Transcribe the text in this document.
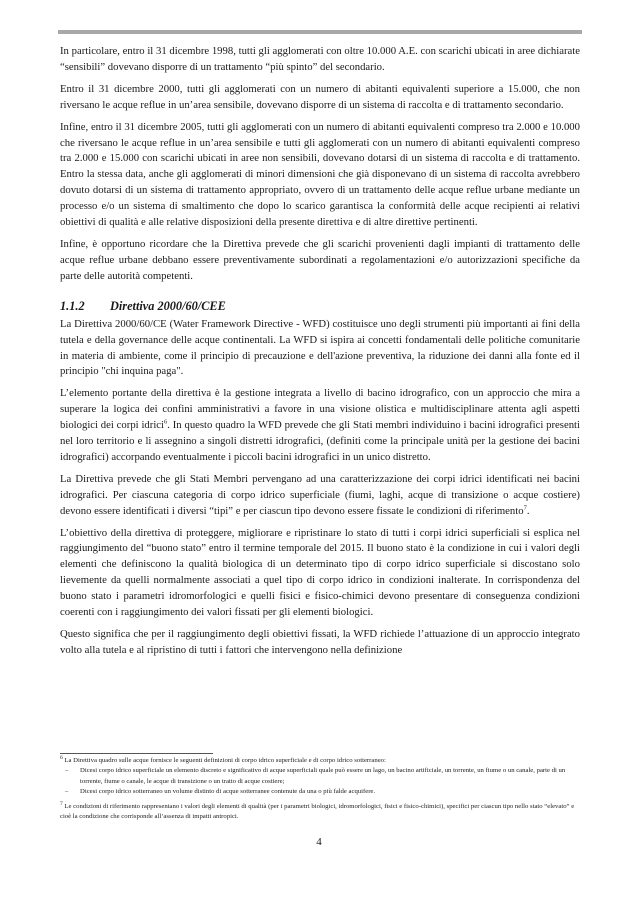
In particolare, entro il 31 dicembre 1998, tutti gli agglomerati con oltre 10.000 A.E. con scarichi ubicati in aree dichiarate “sensibili” dovevano disporre di un trattamento “più spinto” del secondario.

Entro il 31 dicembre 2000, tutti gli agglomerati con un numero di abitanti equivalenti superiore a 15.000, che non riversano le acque reflue in un’area sensibile, dovevano disporre di un sistema di raccolta e di trattamento secondario.

Infine, entro il 31 dicembre 2005, tutti gli agglomerati con un numero di abitanti equivalenti compreso tra 2.000 e 10.000 che riversano le acque reflue in un’area sensibile e tutti gli agglomerati con un numero di abitanti equivalenti compreso tra 2.000 e 15.000 con scarichi ubicati in aree non sensibili, dovevano dotarsi di un sistema di raccolta e di trattamento. Entro la stessa data, anche gli agglomerati di minori dimensioni che già disponevano di un sistema di raccolta avrebbero dovuto dotarsi di un sistema di trattamento appropriato, ovvero di un trattamento delle acque reflue urbane mediante un processo e/o un sistema di smaltimento che dopo lo scarico garantisca la conformità delle acque recipienti ai relativi obiettivi di qualità e alle relative disposizioni della presente direttiva e di altre direttive pertinenti.

Infine, è opportuno ricordare che la Direttiva prevede che gli scarichi provenienti dagli impianti di trattamento delle acque reflue urbane debbano essere preventivamente subordinati a regolamentazioni e/o autorizzazioni specifiche da parte delle autorità competenti.

1.1.2 Direttiva 2000/60/CEE

La Direttiva 2000/60/CE (Water Framework Directive - WFD) costituisce uno degli strumenti più importanti ai fini della tutela e della governance delle acque continentali. La WFD si ispira ai concetti fondamentali delle politiche comunitarie in materia di ambiente, come il principio di precauzione e dell'azione preventiva, la riduzione dei danni alla fonte ed il principio "chi inquina paga".

L’elemento portante della direttiva è la gestione integrata a livello di bacino idrografico, con un approccio che mira a superare la logica dei confini amministrativi a favore in una visione olistica e multidisciplinare attenta agli aspetti biologici dei corpi idrici$^6$. In questo quadro la WFD prevede che gli Stati membri individuino i bacini idrografici presenti nel loro territorio e li assegnino a singoli distretti idrografici, (definiti come la principale unità per la gestione dei bacini idrografici) accorpando eventualmente i piccoli bacini idrografici in un unico distretto.

La Direttiva prevede che gli Stati Membri pervengano ad una caratterizzazione dei corpi idrici identificati nei bacini idrografici. Per ciascuna categoria di corpo idrico superficiale (fiumi, laghi, acque di transizione o acque costiere) devono essere identificati i diversi “tipi” e per ciascun tipo devono essere fissate le condizioni di riferimento$^7$.

L’obiettivo della direttiva di proteggere, migliorare e ripristinare lo stato di tutti i corpi idrici superficiali si esplica nel raggiungimento del “buono stato” entro il termine temporale del 2015. Il buono stato è la condizione in cui i valori degli elementi che definiscono la qualità biologica di un determinato tipo di corpo idrico superficiale si discostano solo lievemente da quelli normalmente associati a quel tipo di corpo idrico in condizioni inalterate. In corrispondenza del buono stato i parametri idromorfologici e quelli fisici e fisico-chimici devono presentare di conseguenza condizioni coerenti con i raggiungimento dei valori fissati per gli elementi biologici.

Questo significa che per il raggiungimento degli obiettivi fissati, la WFD richiede l’attuazione di un approccio integrato volto alla tutela e al ripristino di tutti i fattori che intervengono nella definizione

$^6$ La Direttiva quadro sulle acque fornisce le seguenti definizioni di corpo idrico superficiale e di corpo idrico sotterraneo:

– Dicesi corpo idrico superficiale un elemento discreto e significativo di acque superficiali quale può essere un lago, un bacino artificiale, un torrente, un fiume o un canale, parte di un torrente, fiume o canale, le acque di transizione o un tratto di acque costiere;
– Dicesi corpo idrico sotterraneo un volume distinto di acque sotterranee contenute da una o più falde acquifere.

$^7$ Le condizioni di riferimento rappresentano i valori degli elementi di qualità (per i parametri biologici, idromorfologici, fisici e fisico-chimici), specifici per ciascun tipo nello stato “elevato” e cioè la condizione che corrisponde all’assenza di impatti antropici.

4
